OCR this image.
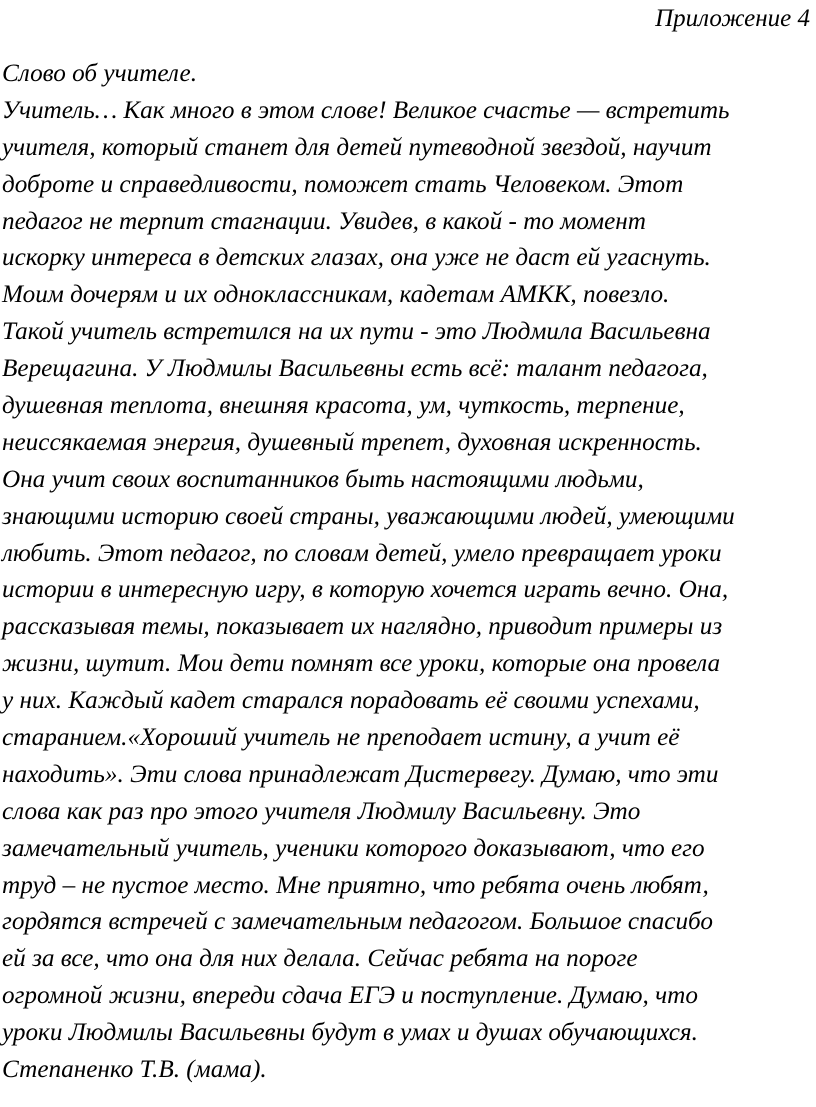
Приложение 4
Слово об учителе.
Учитель… Как много в этом слове! Великое счастье — встретить
учителя, который станет для детей путеводной звездой, научит
доброте и справедливости, поможет стать Человеком. Этот
педагог не терпит стагнации. Увидев, в какой - то момент
искорку интереса в детских глазах, она уже не даст ей угаснуть.
Моим дочерям и их одноклассникам, кадетам АМКК, повезло.
Такой учитель встретился на их пути - это Людмила Васильевна
Верещагина. У Людмилы Васильевны есть всё: талант педагога,
душевная теплота, внешняя красота, ум, чуткость, терпение,
неиссякаемая энергия, душевный трепет, духовная искренность.
Она учит своих воспитанников быть настоящими людьми,
знающими историю своей страны, уважающими людей, умеющими
любить. Этот педагог, по словам детей, умело превращает уроки
истории в интересную игру, в которую хочется играть вечно. Она,
рассказывая темы, показывает их наглядно, приводит примеры из
жизни, шутит. Мои дети помнят все уроки, которые она провела
у них. Каждый кадет старался порадовать её своими успехами,
старанием.«Хороший учитель не преподает истину, а учит её
находить». Эти слова принадлежат Дистервегу. Думаю, что эти
слова как раз про этого учителя Людмилу Васильевну. Это
замечательный учитель, ученики которого доказывают, что его
труд – не пустое место. Мне приятно, что ребята очень любят,
гордятся встречей с замечательным педагогом. Большое спасибо
ей за все, что она для них делала. Сейчас ребята на пороге
огромной жизни, впереди сдача ЕГЭ и поступление. Думаю, что
уроки Людмилы Васильевны будут в умах и душах обучающихся.
Степаненко Т.В. (мама).
